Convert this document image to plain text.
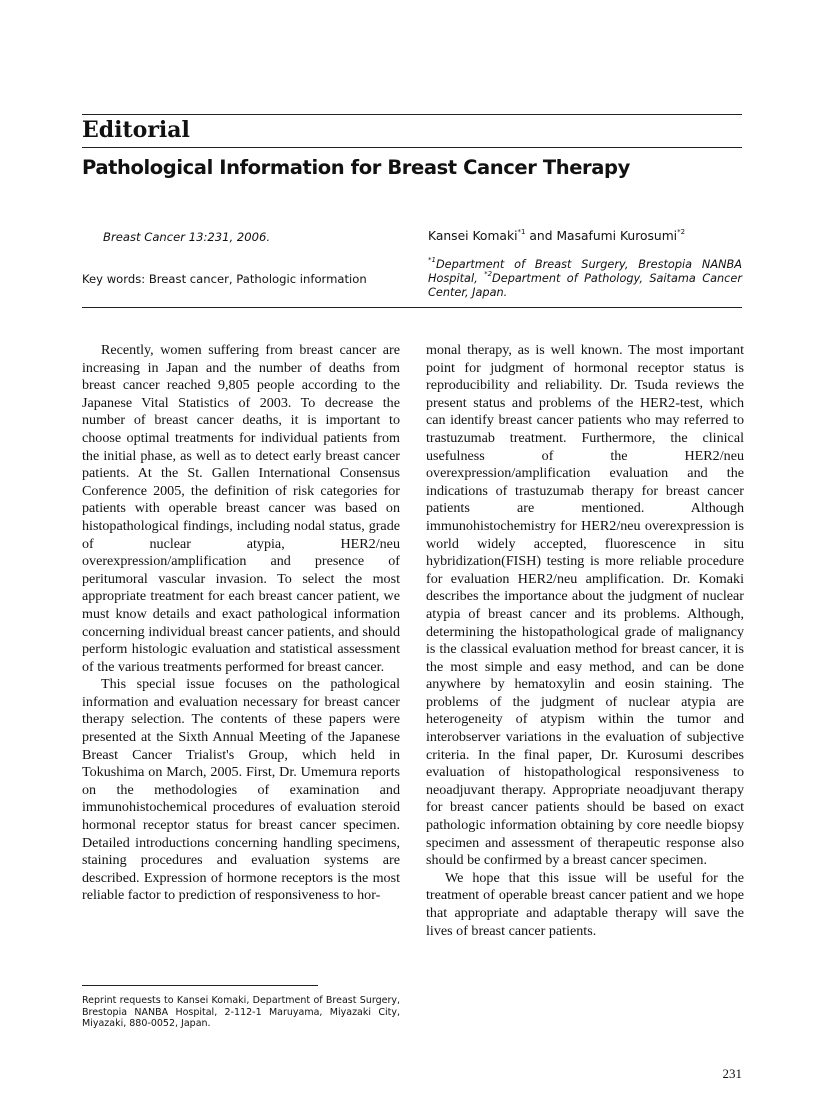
Editorial
Pathological Information for Breast Cancer Therapy
Breast Cancer 13:231, 2006.
Key words: Breast cancer, Pathologic information
Kansei Komaki$^{*1}$ and Masafumi Kurosumi$^{*2}$
$^{*1}$Department of Breast Surgery, Brestopia NANBA Hospital, $^{*2}$Department of Pathology, Saitama Cancer Center, Japan.

Recently, women suffering from breast cancer are increasing in Japan and the number of deaths from breast cancer reached 9,805 people according to the Japanese Vital Statistics of 2003. To decrease the number of breast cancer deaths, it is important to choose optimal treatments for individual patients from the initial phase, as well as to detect early breast cancer patients. At the St. Gallen International Consensus Conference 2005, the definition of risk categories for patients with operable breast cancer was based on histopathological findings, including nodal status, grade of nuclear atypia, HER2/neu overexpression/amplification and presence of peritumoral vascular invasion. To select the most appropriate treatment for each breast cancer patient, we must know details and exact pathological information concerning individual breast cancer patients, and should perform histologic evaluation and statistical assessment of the various treatments performed for breast cancer.

This special issue focuses on the pathological information and evaluation necessary for breast cancer therapy selection. The contents of these papers were presented at the Sixth Annual Meeting of the Japanese Breast Cancer Trialist's Group, which held in Tokushima on March, 2005. First, Dr. Umemura reports on the methodologies of examination and immunohistochemical procedures of evaluation steroid hormonal receptor status for breast cancer specimen. Detailed introductions concerning handling specimens, staining procedures and evaluation systems are described. Expression of hormone receptors is the most reliable factor to prediction of responsiveness to hor-

monal therapy, as is well known. The most important point for judgment of hormonal receptor status is reproducibility and reliability. Dr. Tsuda reviews the present status and problems of the HER2-test, which can identify breast cancer patients who may referred to trastuzumab treatment. Furthermore, the clinical usefulness of the HER2/neu overexpression/amplification evaluation and the indications of trastuzumab therapy for breast cancer patients are mentioned. Although immunohistochemistry for HER2/neu overexpression is world widely accepted, fluorescence in situ hybridization(FISH) testing is more reliable procedure for evaluation HER2/neu amplification. Dr. Komaki describes the importance about the judgment of nuclear atypia of breast cancer and its problems. Although, determining the histopathological grade of malignancy is the classical evaluation method for breast cancer, it is the most simple and easy method, and can be done anywhere by hematoxylin and eosin staining. The problems of the judgment of nuclear atypia are heterogeneity of atypism within the tumor and interobserver variations in the evaluation of subjective criteria. In the final paper, Dr. Kurosumi describes evaluation of histopathological responsiveness to neoadjuvant therapy. Appropriate neoadjuvant therapy for breast cancer patients should be based on exact pathologic information obtaining by core needle biopsy specimen and assessment of therapeutic response also should be confirmed by a breast cancer specimen.

We hope that this issue will be useful for the treatment of operable breast cancer patient and we hope that appropriate and adaptable therapy will save the lives of breast cancer patients.

Reprint requests to Kansei Komaki, Department of Breast Surgery, Brestopia NANBA Hospital, 2-112-1 Maruyama, Miyazaki City, Miyazaki, 880-0052, Japan.
231
